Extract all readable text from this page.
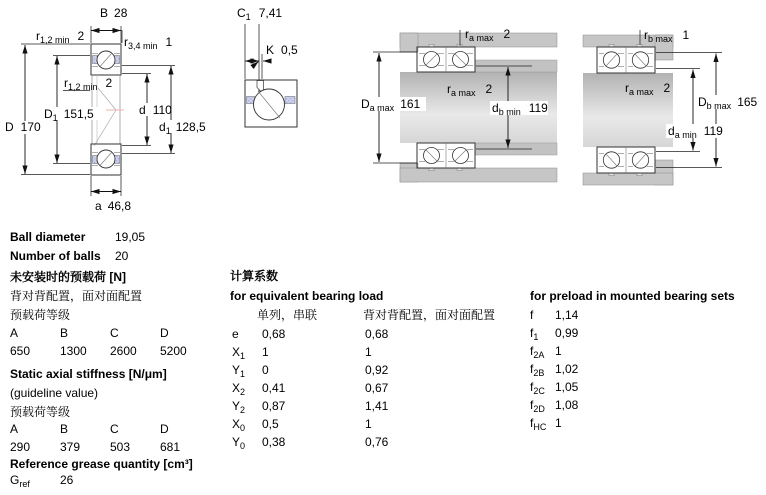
B 28
$r_{1,2 min}$ 2	$r_{3,4 min}$ 1
$r_{1,2 min}$ 2
D 170
$D_1$ 151,5	d 110
$d_1$ 128,5
a 46,8
$C_1$ 7,41
K 0,5
$r_{a max}$ 2
$r_{a max}$ 2
$D_{a max}$ 161	$d_{b min}$ 119
$r_{b max}$ 1
$r_{a max}$ 2
$D_{b max}$ 165
$d_{a min}$ 119
Ball diameter 19,05
Number of balls 20
未安装时的预载荷 [N]
背对背配置，面对面配置
预载荷等级
A	B	C	D
650 1300 2600 5200
Static axial stiffness [N/μm]
(guideline value)
预载荷等级
A	B	C	D
290 379 503 681
Reference grease quantity [cm³]
$G_{ref}$	26
计算系数
for equivalent bearing load
单列，串联	背对背配置，面对面配置
e 0,68	0,68
$X_1$ 1	1
$Y_1$ 0	0,92
$X_2$ 0,41	0,67
$Y_2$ 0,87	1,41
$X_0$ 0,5	1
$Y_0$ 0,38	0,76
for preload in mounted bearing sets
f 1,14
$f_1$ 0,99
$f_{2A}$ 1
$f_{2B}$ 1,02
$f_{2C}$ 1,05
$f_{2D}$ 1,08
$f_{HC}$ 1
